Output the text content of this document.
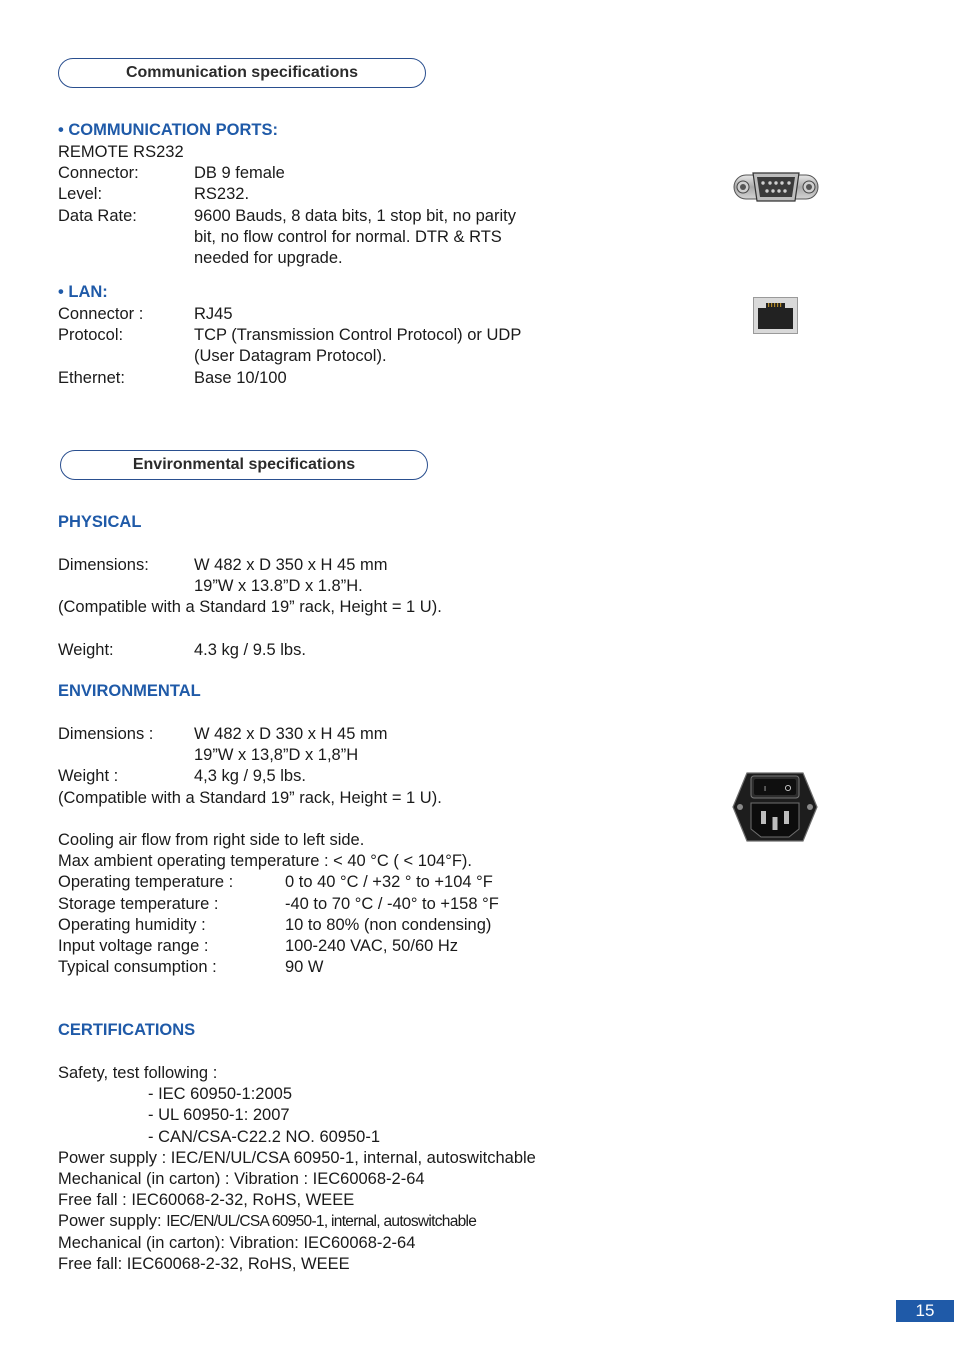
Communication specifications
Environmental specifications
• COMMUNICATION PORTS:
REMOTE RS232
Connector:	DB 9 female
Level:	RS232.
Data Rate:	9600 Bauds, 8 data bits, 1 stop bit, no parity
bit, no flow control for normal. DTR & RTS
needed for upgrade.
• LAN:
Connector :	RJ45
Protocol:	TCP (Transmission Control Protocol) or UDP
(User Datagram Protocol).
Ethernet:	Base 10/100
PHYSICAL
Dimensions:	W 482 x D 350 x H 45 mm
19”W x 13.8”D x 1.8”H.
(Compatible with a Standard 19” rack, Height = 1 U).
Weight:	4.3 kg / 9.5 lbs.
ENVIRONMENTAL
Dimensions : W 482 x D 330 x H 45 mm
19”W x 13,8”D x 1,8”H
Weight :	4,3 kg / 9,5 lbs.
(Compatible with a Standard 19” rack, Height = 1 U).
Cooling air flow from right side to left side.
Max ambient operating temperature : < 40 °C ( < 104°F).
Operating temperature :	0 to 40 °C / +32 ° to +104 °F
Storage temperature :	-40 to 70 °C / -40° to +158 °F
Operating humidity :	10 to 80% (non condensing)
Input voltage range :	100-240 VAC, 50/60 Hz
Typical consumption :	90 W
CERTIFICATIONS
Safety, test following :
- IEC 60950-1:2005
- UL 60950-1: 2007
- CAN/CSA-C22.2 NO. 60950-1
Power supply : IEC/EN/UL/CSA 60950-1, internal, autoswitchable
Mechanical (in carton) : Vibration : IEC60068-2-64
Free fall : IEC60068-2-32, RoHS, WEEE
Power supply: IEC/EN/UL/CSA 60950-1, internal, autoswitchable
Mechanical (in carton): Vibration: IEC60068-2-64
Free fall: IEC60068-2-32, RoHS, WEEE
I
15
